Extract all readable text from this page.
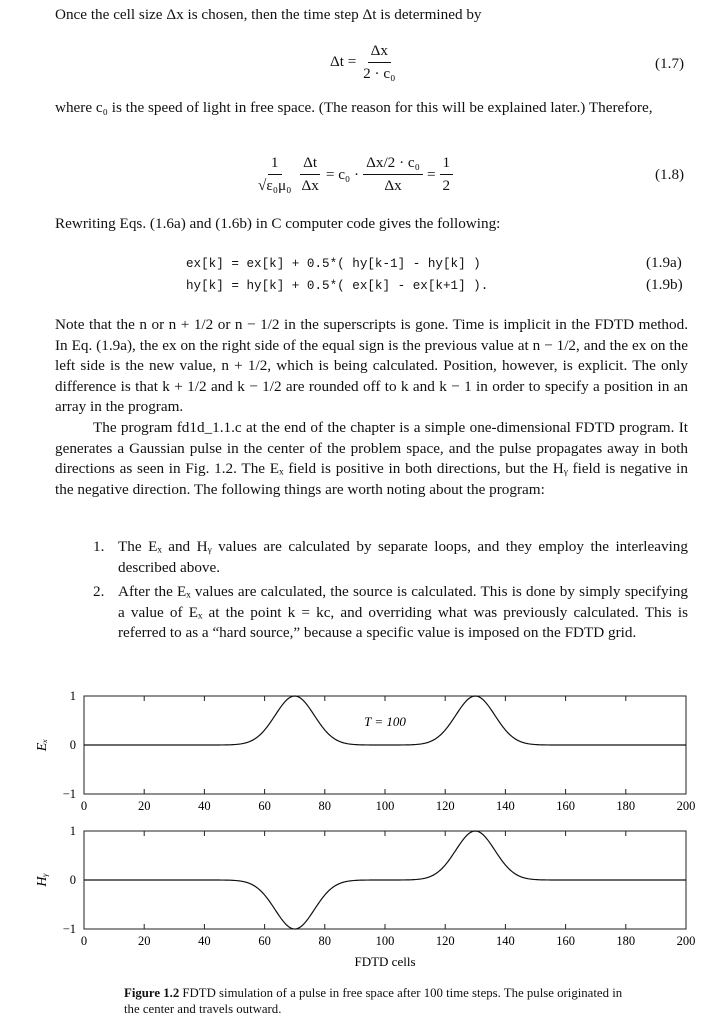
Once the cell size Δx is chosen, then the time step Δt is determined by
$\Delta t = \frac{\Delta x}{\text{2 · c₀}}$	(1.7)
where c₀ is the speed of light in free space. (The reason for this will be explained later.) Therefore,
$\frac{1}{\text{√ε₀μ₀}} \frac{\Delta t}{\Delta x} = c_0 \cdot \frac{\text{Δx/2 · c₀}}{\Delta x} = \frac{1}{2}$	(1.8)
Rewriting Eqs. (1.6a) and (1.6b) in C computer code gives the following:
ex[k] = ex[k] + 0.5*( hy[k-1] - hy[k] )	(1.9a)
hy[k] = hy[k] + 0.5*( ex[k] - ex[k+1] ).	(1.9b)
Note that the n or n + 1/2 or n − 1/2 in the superscripts is gone. Time is implicit in the FDTD method. In Eq. (1.9a), the ex on the right side of the equal sign is the previous value at n − 1/2, and the ex on the left side is the new value, n + 1/2, which is being calculated. Position, however, is explicit. The only difference is that k + 1/2 and k − 1/2 are rounded off to k and k − 1 in order to specify a position in an array in the program.
The program fd1d_1.1.c at the end of the chapter is a simple one-dimensional FDTD program. It generates a Gaussian pulse in the center of the problem space, and the pulse propagates away in both directions as seen in Fig. 1.2. The Eₓ field is positive in both directions, but the Hᵧ field is negative in the negative direction. The following things are worth noting about the program:
1. The Eₓ and Hᵧ values are calculated by separate loops, and they employ the interleaving described above.
2. After the Eₓ values are calculated, the source is calculated. This is done by simply specifying a value of Eₓ at the point k = kc, and overriding what was previously calculated. This is referred to as a “hard source,” because a specific value is imposed on the FDTD grid.
0	20	40	60	80	100	120	140	160	180	200
1
0
−1
Eₓ
T = 100
0	20	40	60	80	100	120	140	160	180	200
1
0
−1
Hᵧ
FDTD cells
Figure 1.2 FDTD simulation of a pulse in free space after 100 time steps. The pulse originated in the center and travels outward.
